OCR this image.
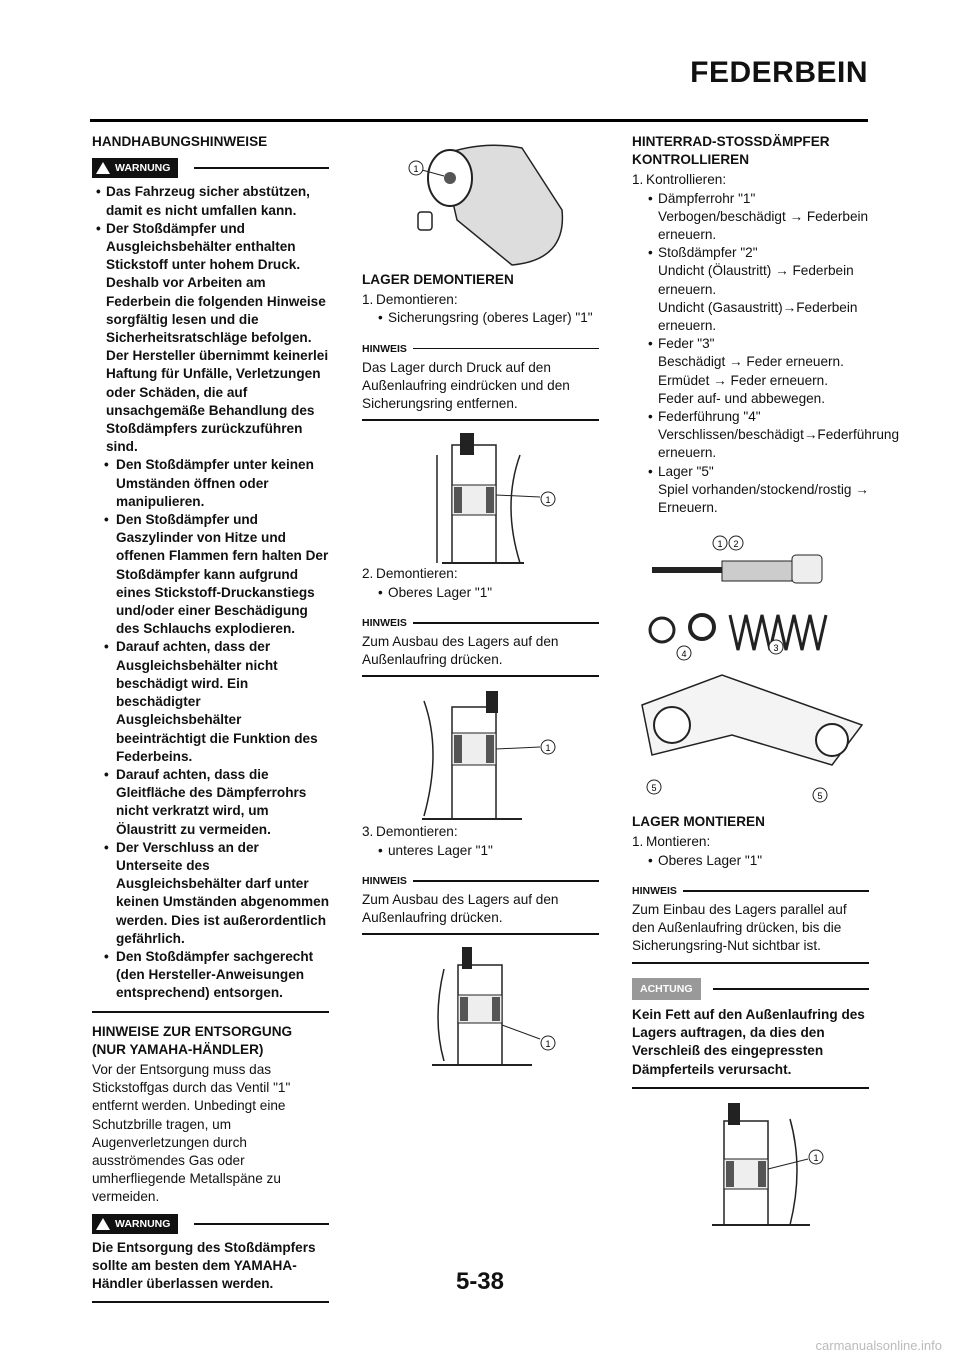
FEDERBEIN
HANDHABUNGSHINWEISE
WARNUNG
• Das Fahrzeug sicher abstützen, damit es nicht umfallen kann.
• Der Stoßdämpfer und Ausgleichsbehälter enthalten Stickstoff unter hohem Druck. Deshalb vor Arbeiten am Federbein die folgenden Hinweise sorgfältig lesen und die Sicherheitsratschläge befolgen. Der Hersteller übernimmt keinerlei Haftung für Unfälle, Verletzungen oder Schäden, die auf unsachgemäße Behandlung des Stoßdämpfers zurückzuführen sind.
• Den Stoßdämpfer unter keinen Umständen öffnen oder manipulieren.
• Den Stoßdämpfer und Gaszylinder von Hitze und offenen Flammen fern halten Der Stoßdämpfer kann aufgrund eines Stickstoff-Druckanstiegs und/oder einer Beschädigung des Schlauchs explodieren.
• Darauf achten, dass der Ausgleichsbehälter nicht beschädigt wird. Ein beschädigter Ausgleichsbehälter beeinträchtigt die Funktion des Federbeins.
• Darauf achten, dass die Gleitfläche des Dämpferrohrs nicht verkratzt wird, um Ölaustritt zu vermeiden.
• Der Verschluss an der Unterseite des Ausgleichsbehälter darf unter keinen Umständen abgenommen werden. Dies ist außerordentlich gefährlich.
• Den Stoßdämpfer sachgerecht (den Hersteller-Anweisungen entsprechend) entsorgen.
HINWEISE ZUR ENTSORGUNG (NUR YAMAHA-HÄNDLER)
Vor der Entsorgung muss das Stickstoffgas durch das Ventil "1" entfernt werden. Unbedingt eine Schutzbrille tragen, um Augenverletzungen durch ausströmendes Gas oder umherfliegende Metallspäne zu vermeiden.
WARNUNG
Die Entsorgung des Stoßdämpfers sollte am besten dem YAMAHA-Händler überlassen werden.
1
LAGER DEMONTIEREN
1. Demontieren:
• Sicherungsring (oberes Lager) "1"
HINWEIS
Das Lager durch Druck auf den Außenlaufring eindrücken und den Sicherungsring entfernen.
1
2. Demontieren:
• Oberes Lager "1"
HINWEIS
Zum Ausbau des Lagers auf den Außenlaufring drücken.
1
3. Demontieren:
• unteres Lager "1"
HINWEIS
Zum Ausbau des Lagers auf den Außenlaufring drücken.
1
HINTERRAD-STOSSDÄMPFER KONTROLLIEREN
1. Kontrollieren:
• Dämpferrohr "1"
Verbogen/beschädigt → Federbein erneuern.
• Stoßdämpfer "2"
Undicht (Ölaustritt) → Federbein erneuern.
Undicht (Gasaustritt)→Federbein erneuern.
• Feder "3"
Beschädigt → Feder erneuern.
Ermüdet → Feder erneuern.
Feder auf- und abbewegen.
• Federführung "4"
Verschlissen/beschädigt→Federführung erneuern.
• Lager "5"
Spiel vorhanden/stockend/rostig → Erneuern.
1 2
4
3
5
5
LAGER MONTIEREN
1. Montieren:
• Oberes Lager "1"
HINWEIS
Zum Einbau des Lagers parallel auf den Außenlaufring drücken, bis die Sicherungsring-Nut sichtbar ist.
ACHTUNG
Kein Fett auf den Außenlaufring des Lagers auftragen, da dies den Verschleiß des eingepressten Dämpferteils verursacht.
1
5-38
carmanualsonline.info
